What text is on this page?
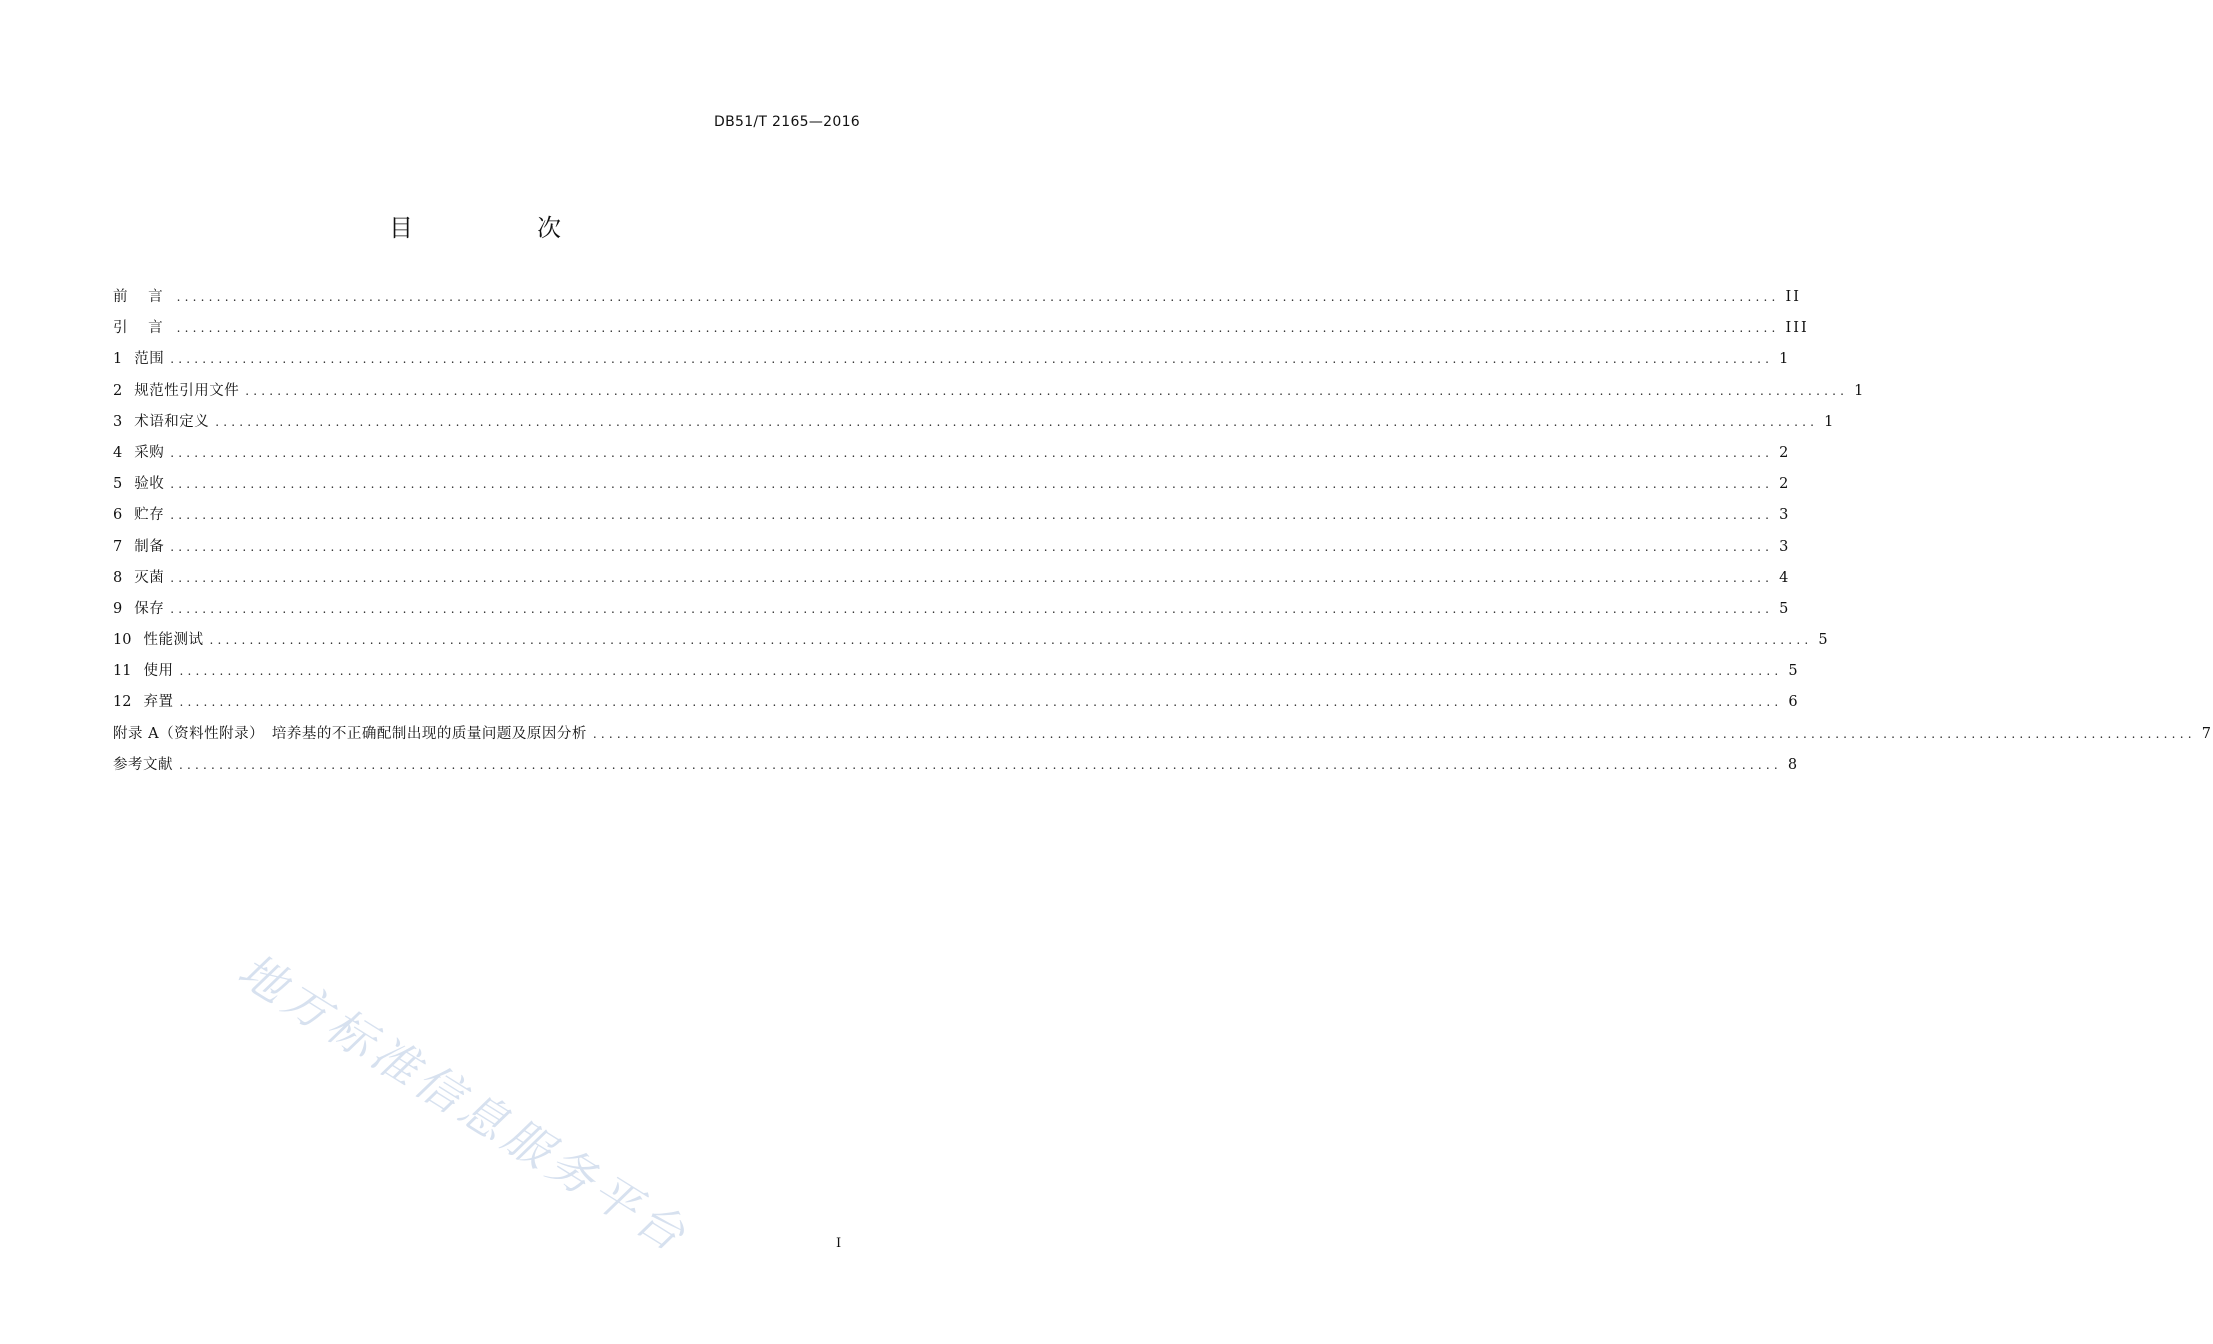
DB51/T 2165—2016
目　次
前 言 ........................................................................................................................................................................................................ II
引 言 ........................................................................................................................................................................................................ III
1 范围 ........................................................................................................................................................................................................ 1
2 规范性引用文件 ........................................................................................................................................................................................................ 1
3 术语和定义 ........................................................................................................................................................................................................ 1
4 采购 ........................................................................................................................................................................................................ 2
5 验收 ........................................................................................................................................................................................................ 2
6 贮存 ........................................................................................................................................................................................................ 3
7 制备 ........................................................................................................................................................................................................ 3
8 灭菌 ........................................................................................................................................................................................................ 4
9 保存 ........................................................................................................................................................................................................ 5
10 性能测试 ........................................................................................................................................................................................................ 5
11 使用 ........................................................................................................................................................................................................ 5
12 弃置 ........................................................................................................................................................................................................ 6
附录 A（资料性附录）　培养基的不正确配制出现的质量问题及原因分析 ........................................................................................................................................................................................................ 7
参考文献 ........................................................................................................................................................................................................ 8
地方标准信息服务平台	I
